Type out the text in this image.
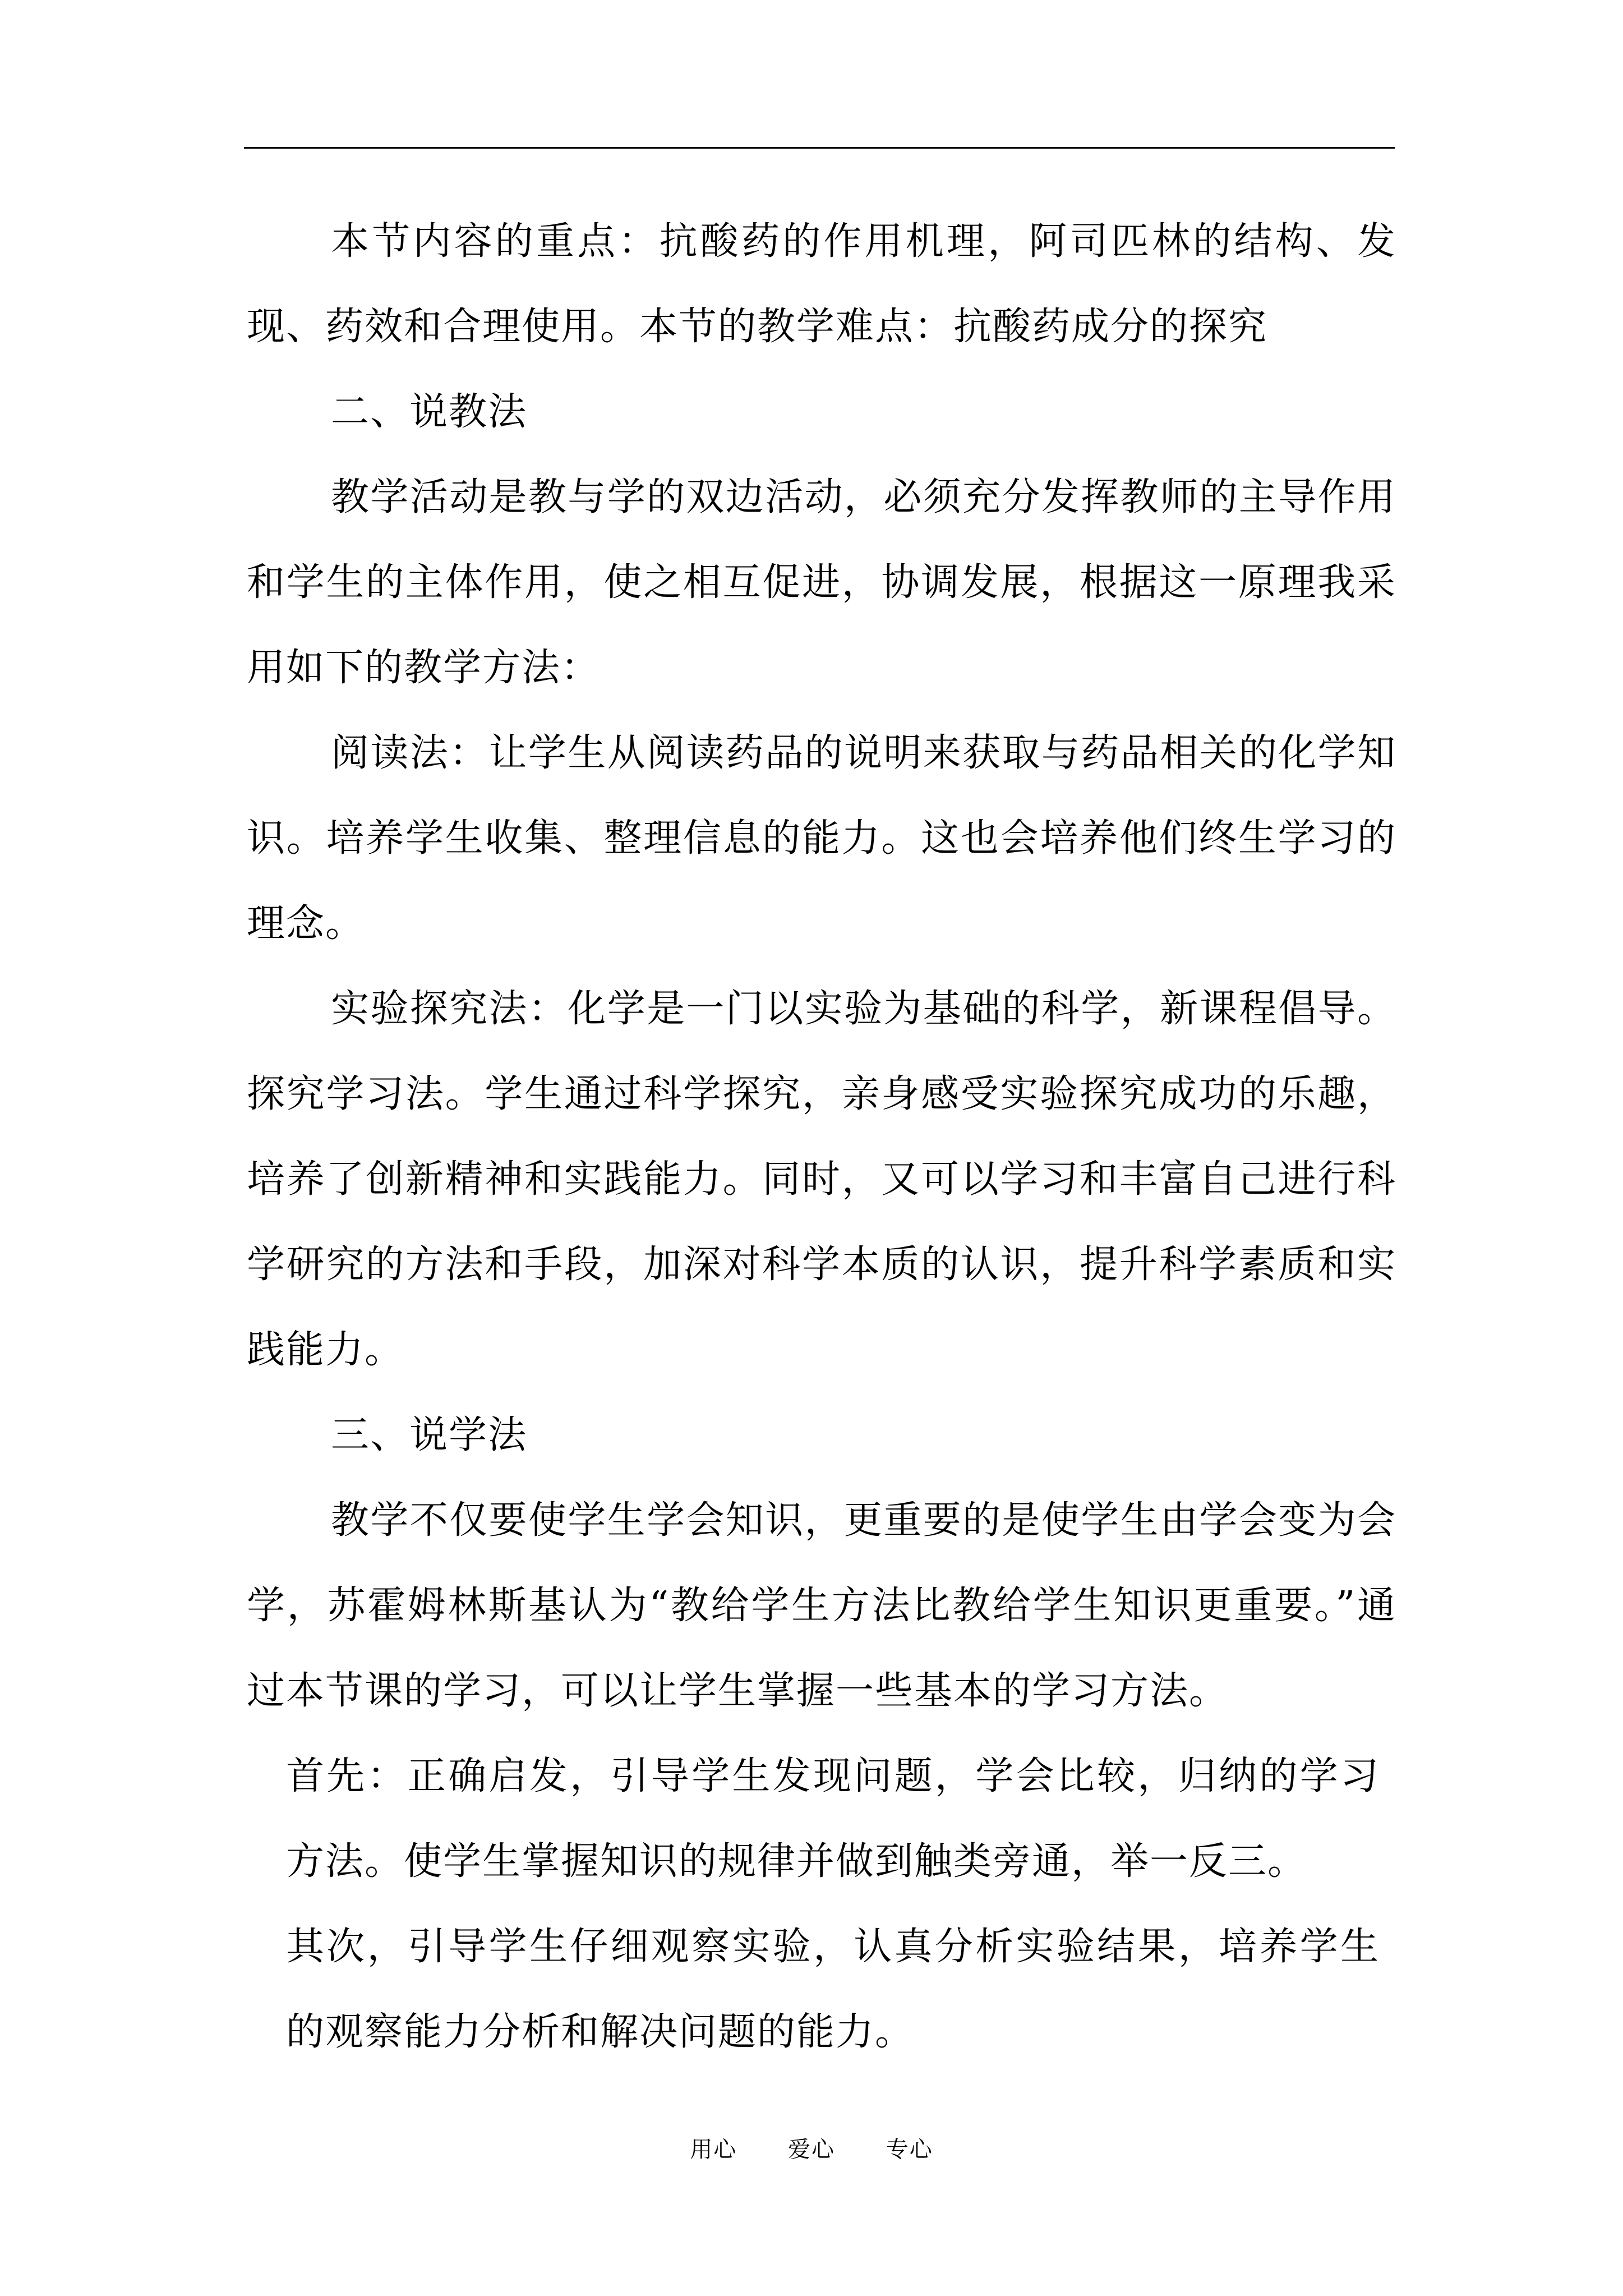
本节内容的重点：抗酸药的作用机理，阿司匹林的结构、发现、药效和合理使用。本节的教学难点：抗酸药成分的探究

二、说教法

教学活动是教与学的双边活动，必须充分发挥教师的主导作用和学生的主体作用，使之相互促进，协调发展，根据这一原理我采用如下的教学方法：

阅读法：让学生从阅读药品的说明来获取与药品相关的化学知识。培养学生收集、整理信息的能力。这也会培养他们终生学习的理念。

实验探究法：化学是一门以实验为基础的科学，新课程倡导。探究学习法。学生通过科学探究，亲身感受实验探究成功的乐趣，培养了创新精神和实践能力。同时，又可以学习和丰富自己进行科学研究的方法和手段，加深对科学本质的认识，提升科学素质和实践能力。

三、说学法

教学不仅要使学生学会知识，更重要的是使学生由学会变为会学，苏霍姆林斯基认为“教给学生方法比教给学生知识更重要。”通过本节课的学习，可以让学生掌握一些基本的学习方法。

首先：正确启发，引导学生发现问题，学会比较，归纳的学习方法。使学生掌握知识的规律并做到触类旁通，举一反三。

其次，引导学生仔细观察实验，认真分析实验结果，培养学生的观察能力分析和解决问题的能力。

用心 爱心 专心
